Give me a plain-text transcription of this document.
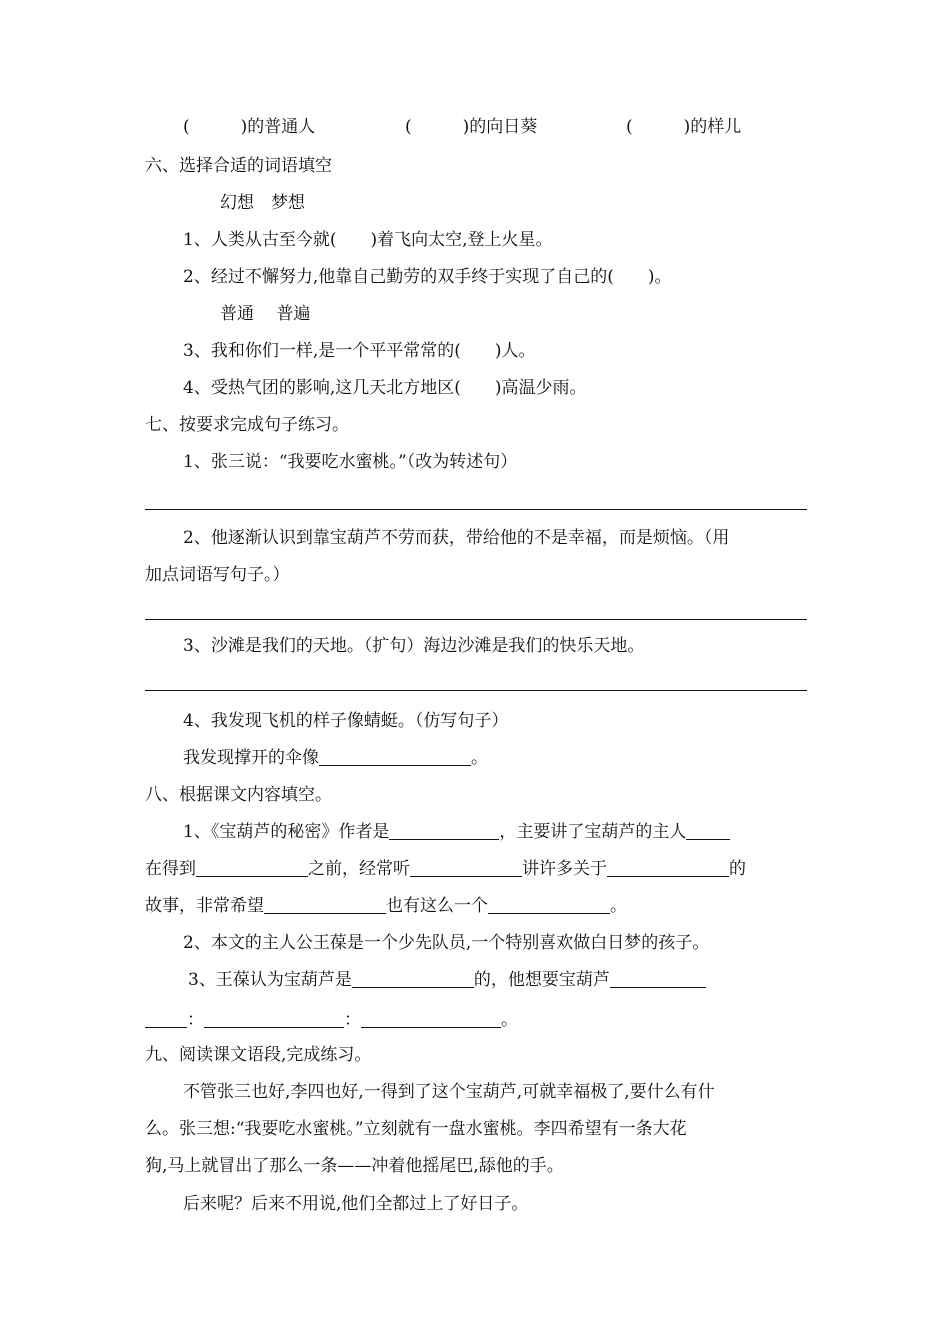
(　　　)的普通人	(　　　)的向日葵	(　　　)的样儿
六、选择合适的词语填空
幻想　梦想
1、人类从古至今就(　　)着飞向太空,登上火星。
2、经过不懈努力,他靠自己勤劳的双手终于实现了自己的(　　)。
普通　 普遍
3、我和你们一样,是一个平平常常的(　　)人。
4、受热气团的影响,这几天北方地区(　　)高温少雨。
七、按要求完成句子练习。
1、张三说：“我要吃水蜜桃。”（改为转述句）
2、他逐渐认识到靠宝葫芦不劳而获，带给他的不是幸福，而是烦恼。（用
加点词语写句子。）
3、沙滩是我们的天地。（扩句）海边沙滩是我们的快乐天地。
4、我发现飞机的样子像蜻蜓。（仿写句子）
我发现撑开的伞像	。
八、根据课文内容填空。
1、《宝葫芦的秘密》作者是	，主要讲了宝葫芦的主人
在得到	之前，经常听	讲许多关于	的
故事，非常希望	也有这么一个	。
2、本文的主人公王葆是一个少先队员,一个特别喜欢做白日梦的孩子。
3、王葆认为宝葫芦是	的，他想要宝葫芦
：	：	。
九、阅读课文语段,完成练习。
不管张三也好,李四也好,一得到了这个宝葫芦,可就幸福极了,要什么有什
么。张三想:“我要吃水蜜桃。”立刻就有一盘水蜜桃。李四希望有一条大花
狗,马上就冒出了那么一条——冲着他摇尾巴,舔他的手。
后来呢？后来不用说,他们全都过上了好日子。
